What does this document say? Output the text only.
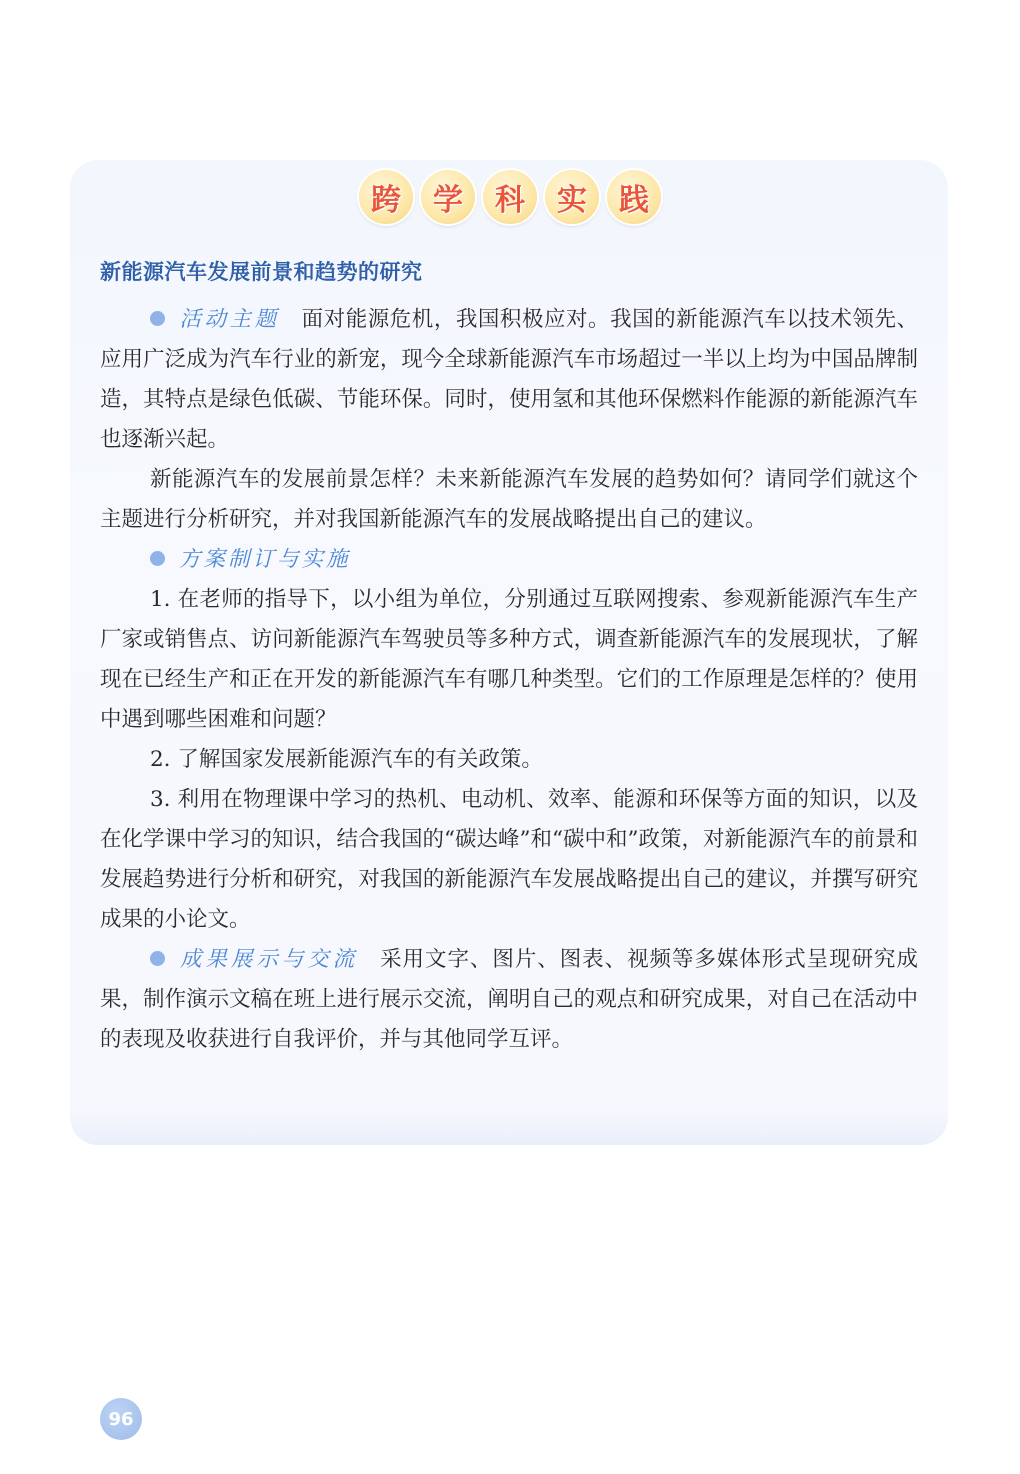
跨	学	科	实	践
新能源汽车发展前景和趋势的研究

活动主题 面对能源危机，我国积极应对。我国的新能源汽车以技术领先、应用广泛成为汽车行业的新宠，现今全球新能源汽车市场超过一半以上均为中国品牌制造，其特点是绿色低碳、节能环保。同时，使用氢和其他环保燃料作能源的新能源汽车也逐渐兴起。

新能源汽车的发展前景怎样？未来新能源汽车发展的趋势如何？请同学们就这个主题进行分析研究，并对我国新能源汽车的发展战略提出自己的建议。

方案制订与实施

1. 在老师的指导下，以小组为单位，分别通过互联网搜索、参观新能源汽车生产厂家或销售点、访问新能源汽车驾驶员等多种方式，调查新能源汽车的发展现状，了解现在已经生产和正在开发的新能源汽车有哪几种类型。它们的工作原理是怎样的？使用中遇到哪些困难和问题？

2. 了解国家发展新能源汽车的有关政策。

3. 利用在物理课中学习的热机、电动机、效率、能源和环保等方面的知识，以及在化学课中学习的知识，结合我国的“碳达峰”和“碳中和”政策，对新能源汽车的前景和发展趋势进行分析和研究，对我国的新能源汽车发展战略提出自己的建议，并撰写研究成果的小论文。

成果展示与交流 采用文字、图片、图表、视频等多媒体形式呈现研究成果，制作演示文稿在班上进行展示交流，阐明自己的观点和研究成果，对自己在活动中的表现及收获进行自我评价，并与其他同学互评。

96
